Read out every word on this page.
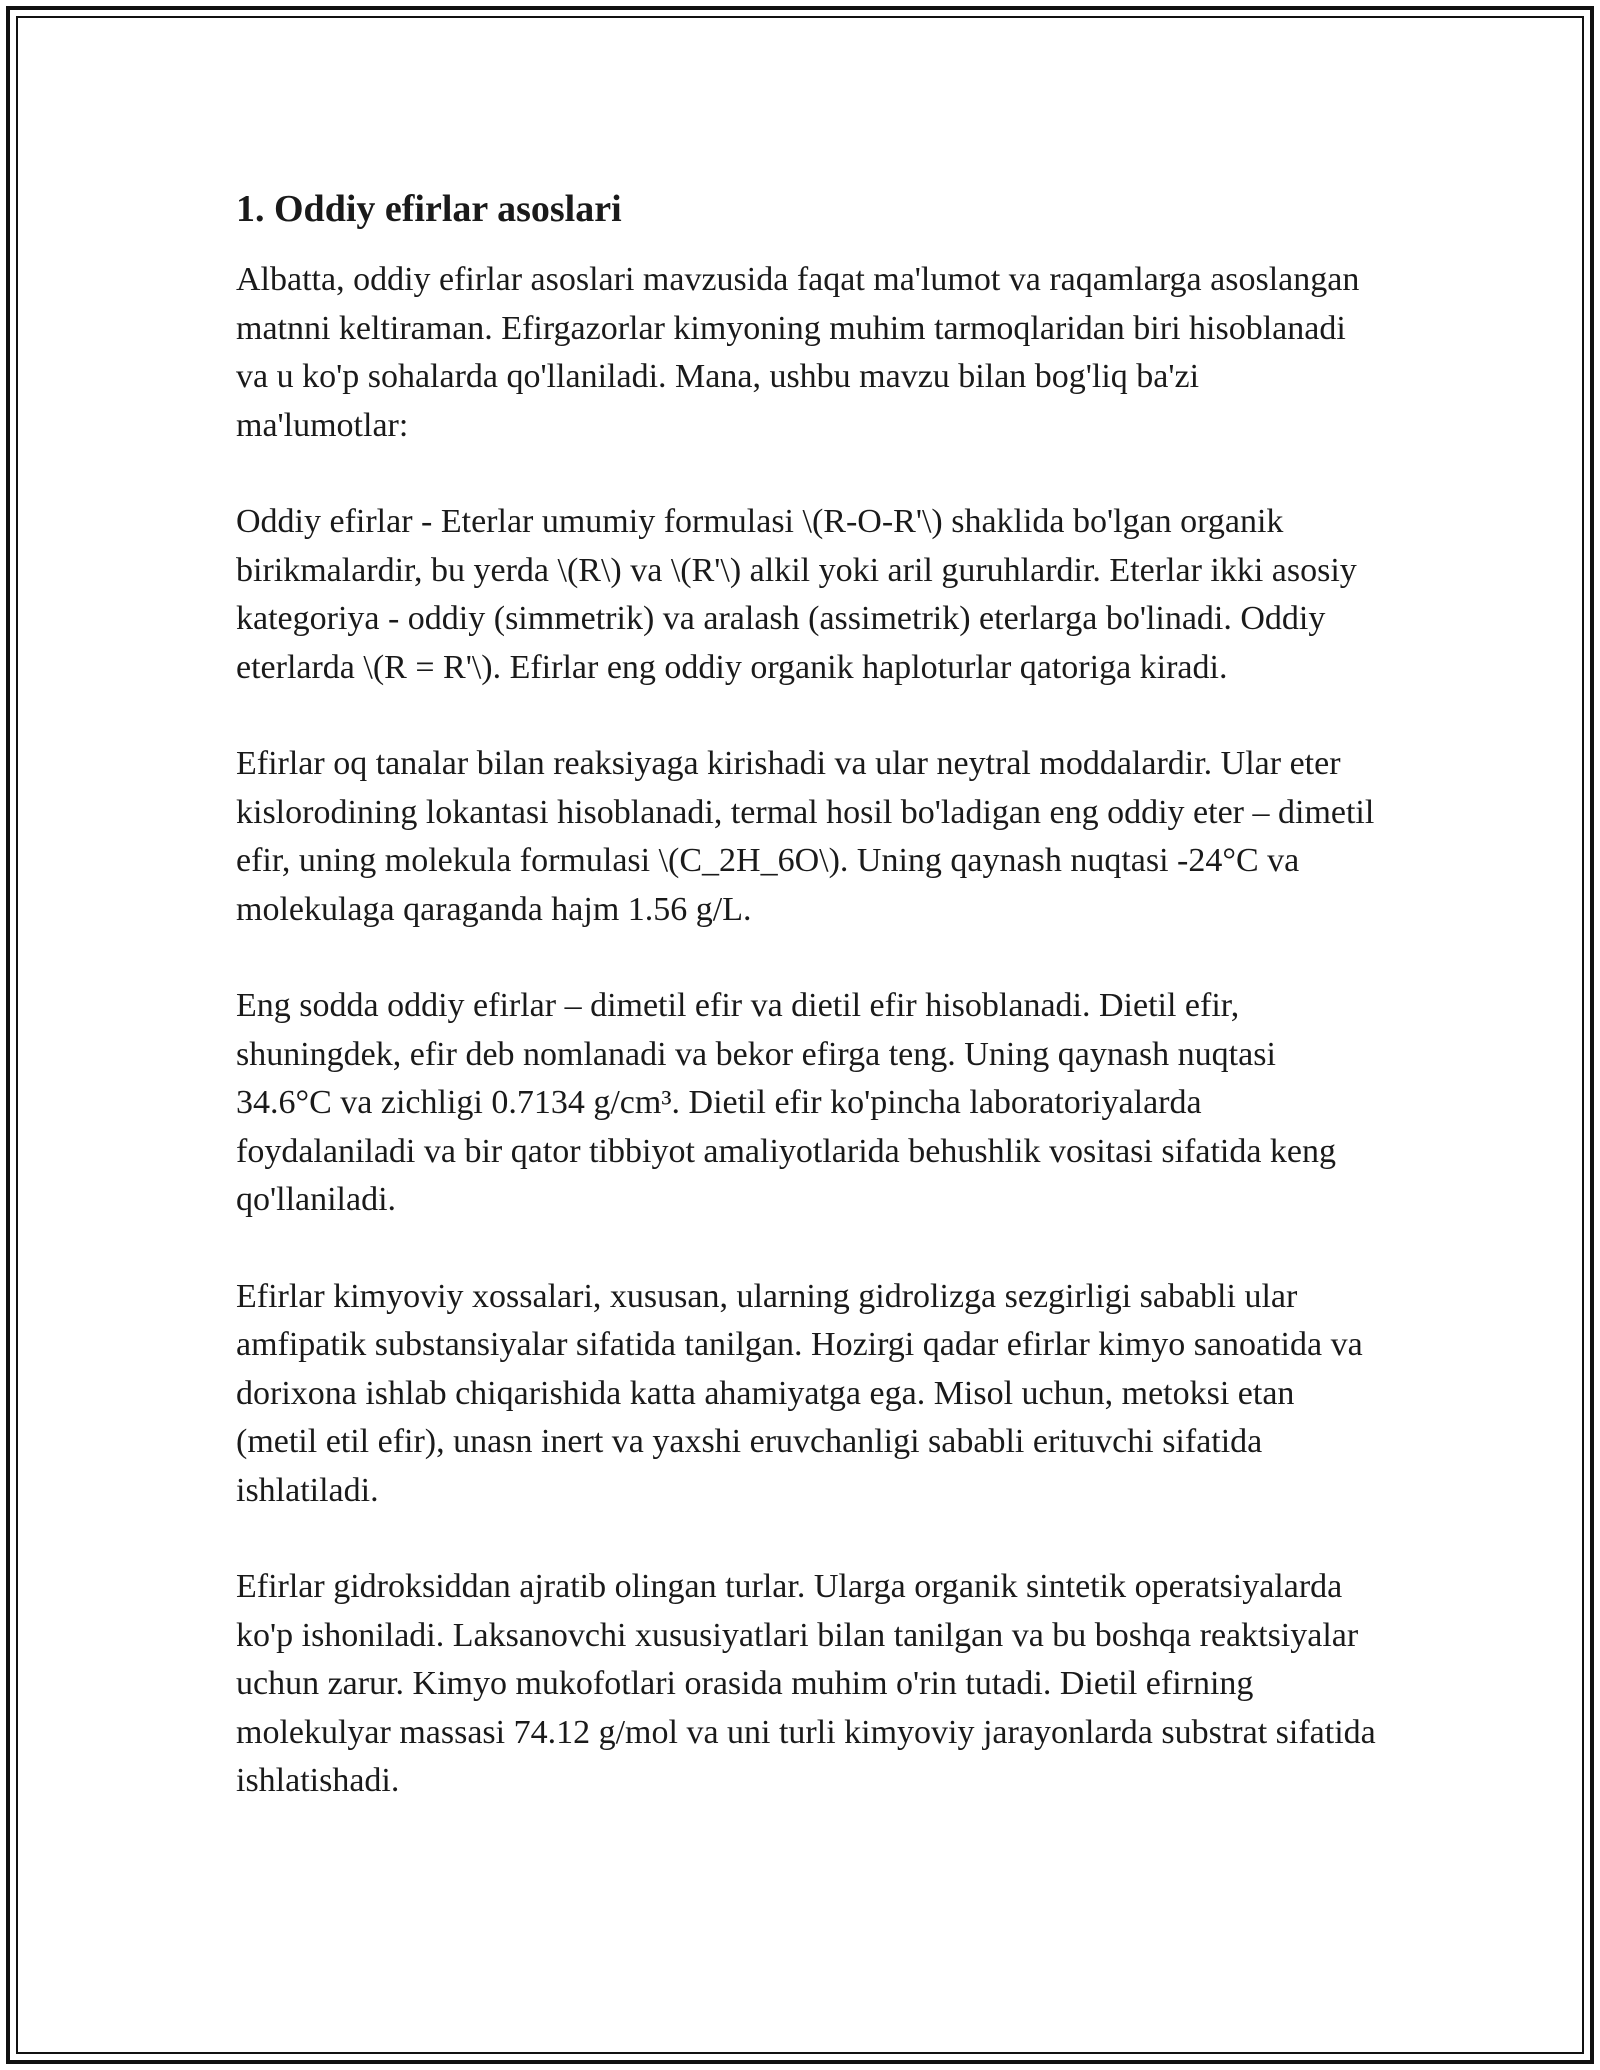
1. Oddiy efirlar asoslari

Albatta, oddiy efirlar asoslari mavzusida faqat ma'lumot va raqamlarga asoslangan matnni keltiraman. Efirgazorlar kimyoning muhim tarmoqlaridan biri hisoblanadi va u ko'p sohalarda qo'llaniladi. Mana, ushbu mavzu bilan bog'liq ba'zi ma'lumotlar:

Oddiy efirlar - Eterlar umumiy formulasi \(R-O-R'\) shaklida bo'lgan organik birikmalardir, bu yerda \(R\) va \(R'\) alkil yoki aril guruhlardir. Eterlar ikki asosiy kategoriya - oddiy (simmetrik) va aralash (assimetrik) eterlarga bo'linadi. Oddiy eterlarda \(R = R'\). Efirlar eng oddiy organik haploturlar qatoriga kiradi.

Efirlar oq tanalar bilan reaksiyaga kirishadi va ular neytral moddalardir. Ular eter kislorodining lokantasi hisoblanadi, termal hosil bo'ladigan eng oddiy eter – dimetil efir, uning molekula formulasi \(C_2H_6O\). Uning qaynash nuqtasi -24°C va molekulaga qaraganda hajm 1.56 g/L.

Eng sodda oddiy efirlar – dimetil efir va dietil efir hisoblanadi. Dietil efir, shuningdek, efir deb nomlanadi va bekor efirga teng. Uning qaynash nuqtasi 34.6°C va zichligi 0.7134 g/cm³. Dietil efir ko'pincha laboratoriyalarda foydalaniladi va bir qator tibbiyot amaliyotlarida behushlik vositasi sifatida keng qo'llaniladi.

Efirlar kimyoviy xossalari, xususan, ularning gidrolizga sezgirligi sababli ular amfipatik substansiyalar sifatida tanilgan. Hozirgi qadar efirlar kimyo sanoatida va dorixona ishlab chiqarishida katta ahamiyatga ega. Misol uchun, metoksi etan (metil etil efir), unasn inert va yaxshi eruvchanligi sababli erituvchi sifatida ishlatiladi.

Efirlar gidroksiddan ajratib olingan turlar. Ularga organik sintetik operatsiyalarda ko'p ishoniladi. Laksanovchi xususiyatlari bilan tanilgan va bu boshqa reaktsiyalar uchun zarur. Kimyo mukofotlari orasida muhim o'rin tutadi. Dietil efirning molekulyar massasi 74.12 g/mol va uni turli kimyoviy jarayonlarda substrat sifatida ishlatishadi.
